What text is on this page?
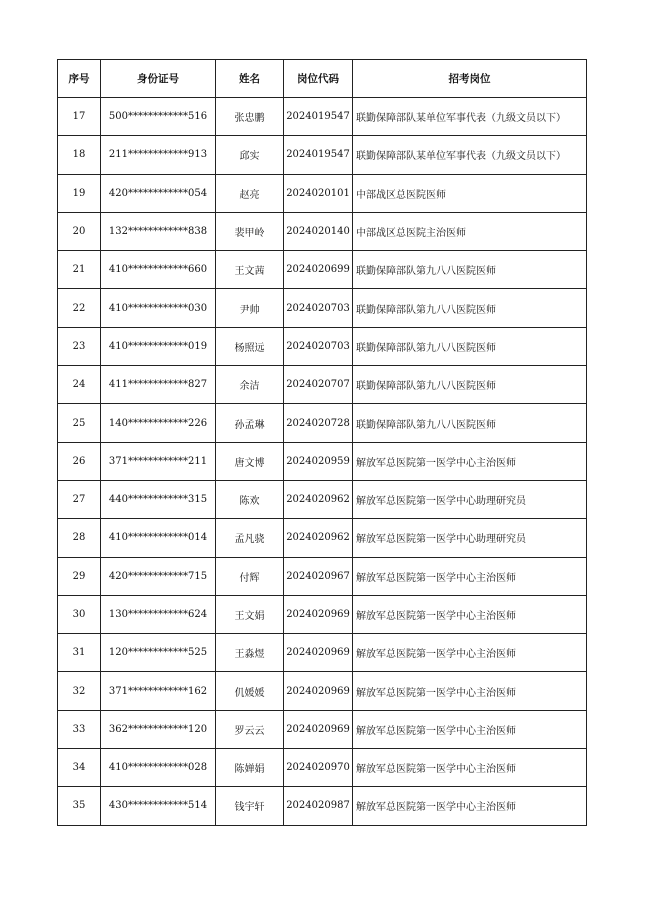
序号	身份证号	姓名	岗位代码	招考岗位
17	500************516	张忠鹏	2024019547	联勤保障部队某单位军事代表（九级文员以下）
18	211************913	邱实	2024019547	联勤保障部队某单位军事代表（九级文员以下）
19	420************054	赵亮	2024020101	中部战区总医院医师
20	132************838	裴甲岭	2024020140	中部战区总医院主治医师
21	410************660	王文茜	2024020699	联勤保障部队第九八八医院医师
22	410************030	尹帅	2024020703	联勤保障部队第九八八医院医师
23	410************019	杨照远	2024020703	联勤保障部队第九八八医院医师
24	411************827	余洁	2024020707	联勤保障部队第九八八医院医师
25	140************226	孙孟琳	2024020728	联勤保障部队第九八八医院医师
26	371************211	唐文博	2024020959	解放军总医院第一医学中心主治医师
27	440************315	陈欢	2024020962	解放军总医院第一医学中心助理研究员
28	410************014	孟凡骁	2024020962	解放军总医院第一医学中心助理研究员
29	420************715	付辉	2024020967	解放军总医院第一医学中心主治医师
30	130************624	王文娟	2024020969	解放军总医院第一医学中心主治医师
31	120************525	王淼煜	2024020969	解放军总医院第一医学中心主治医师
32	371************162	仉媛媛	2024020969	解放军总医院第一医学中心主治医师
33	362************120	罗云云	2024020969	解放军总医院第一医学中心主治医师
34	410************028	陈婵娟	2024020970	解放军总医院第一医学中心主治医师
35	430************514	钱宇轩	2024020987	解放军总医院第一医学中心主治医师
